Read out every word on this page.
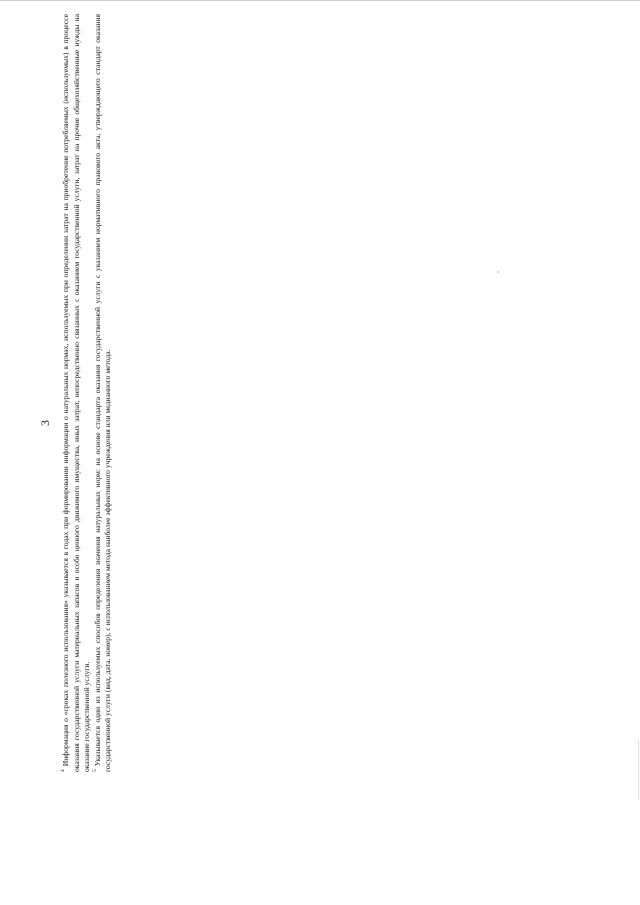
3

$^4$Информация о «сроках полезного использования» указывается в годах при формировании информации о натуральных нормах, используемых при определении затрат на приобретение потребляемых (используемых) в процессе оказания государственной услуги материальных запасов и особо ценного движимого имущества, иных затрат, непосредственно связанных с оказанием государственной услуги, затрат на прочие общехозяйственные нужды на оказание государственной услуги. $^5$Указывается один из используемых способов определения значения натуральных норм: на основе стандарта оказания государственной услуги с указанием нормативного правового акта, утверждающего стандарт оказания государственной услуги (вид, дата, номер), с использованием метода наиболее эффективного учреждения или медианного метода.
